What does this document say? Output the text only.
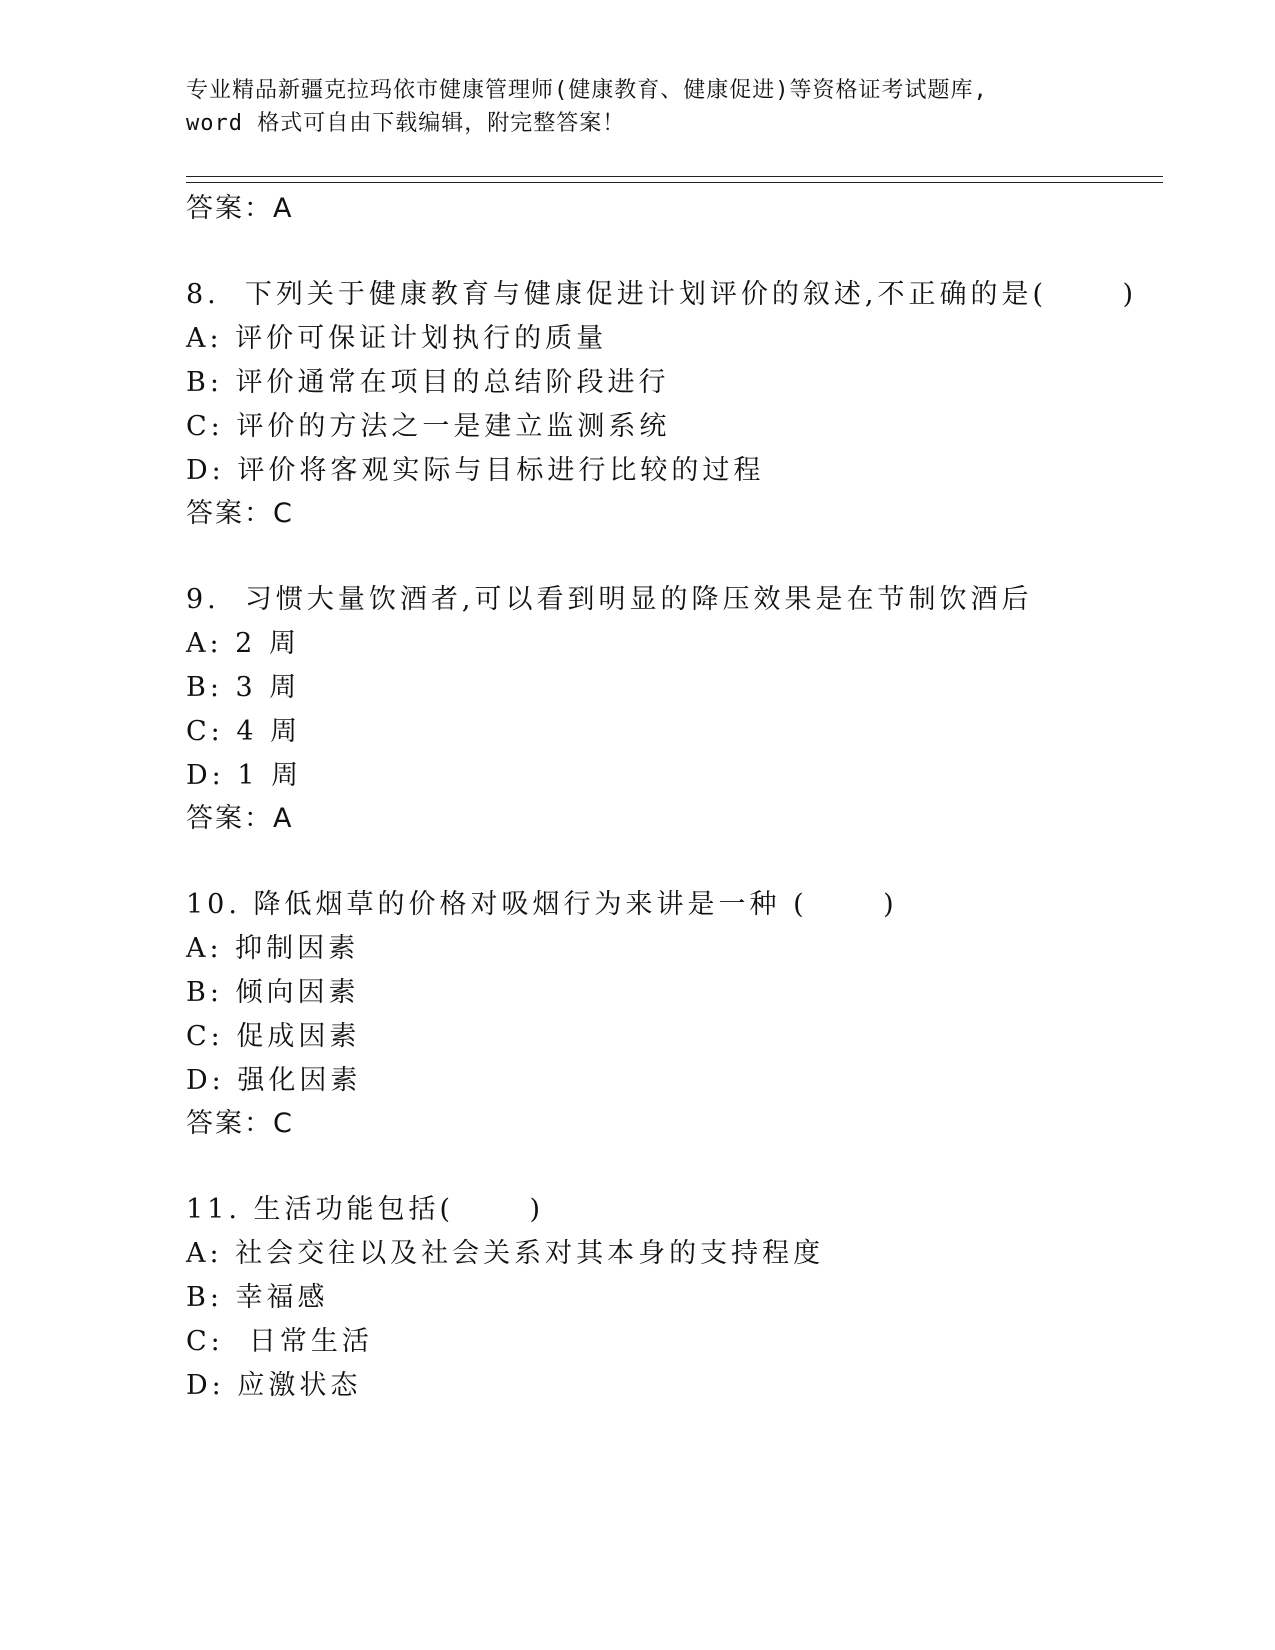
专业精品新疆克拉玛依市健康管理师(健康教育、健康促进)等资格证考试题库,
word 格式可自由下载编辑，附完整答案！
答案：A
8.  下列关于健康教育与健康促进计划评价的叙述,不正确的是(      )
A: 评价可保证计划执行的质量
B: 评价通常在项目的总结阶段进行
C: 评价的方法之一是建立监测系统
D: 评价将客观实际与目标进行比较的过程
答案：C
9.  习惯大量饮酒者,可以看到明显的降压效果是在节制饮酒后
A: 2 周
B: 3 周
C: 4 周
D: 1 周
答案：A
10. 降低烟草的价格对吸烟行为来讲是一种 (      )
A: 抑制因素
B: 倾向因素
C: 促成因素
D: 强化因素
答案：C
11. 生活功能包括(      )
A: 社会交往以及社会关系对其本身的支持程度
B: 幸福感
C:  日常生活
D: 应激状态
